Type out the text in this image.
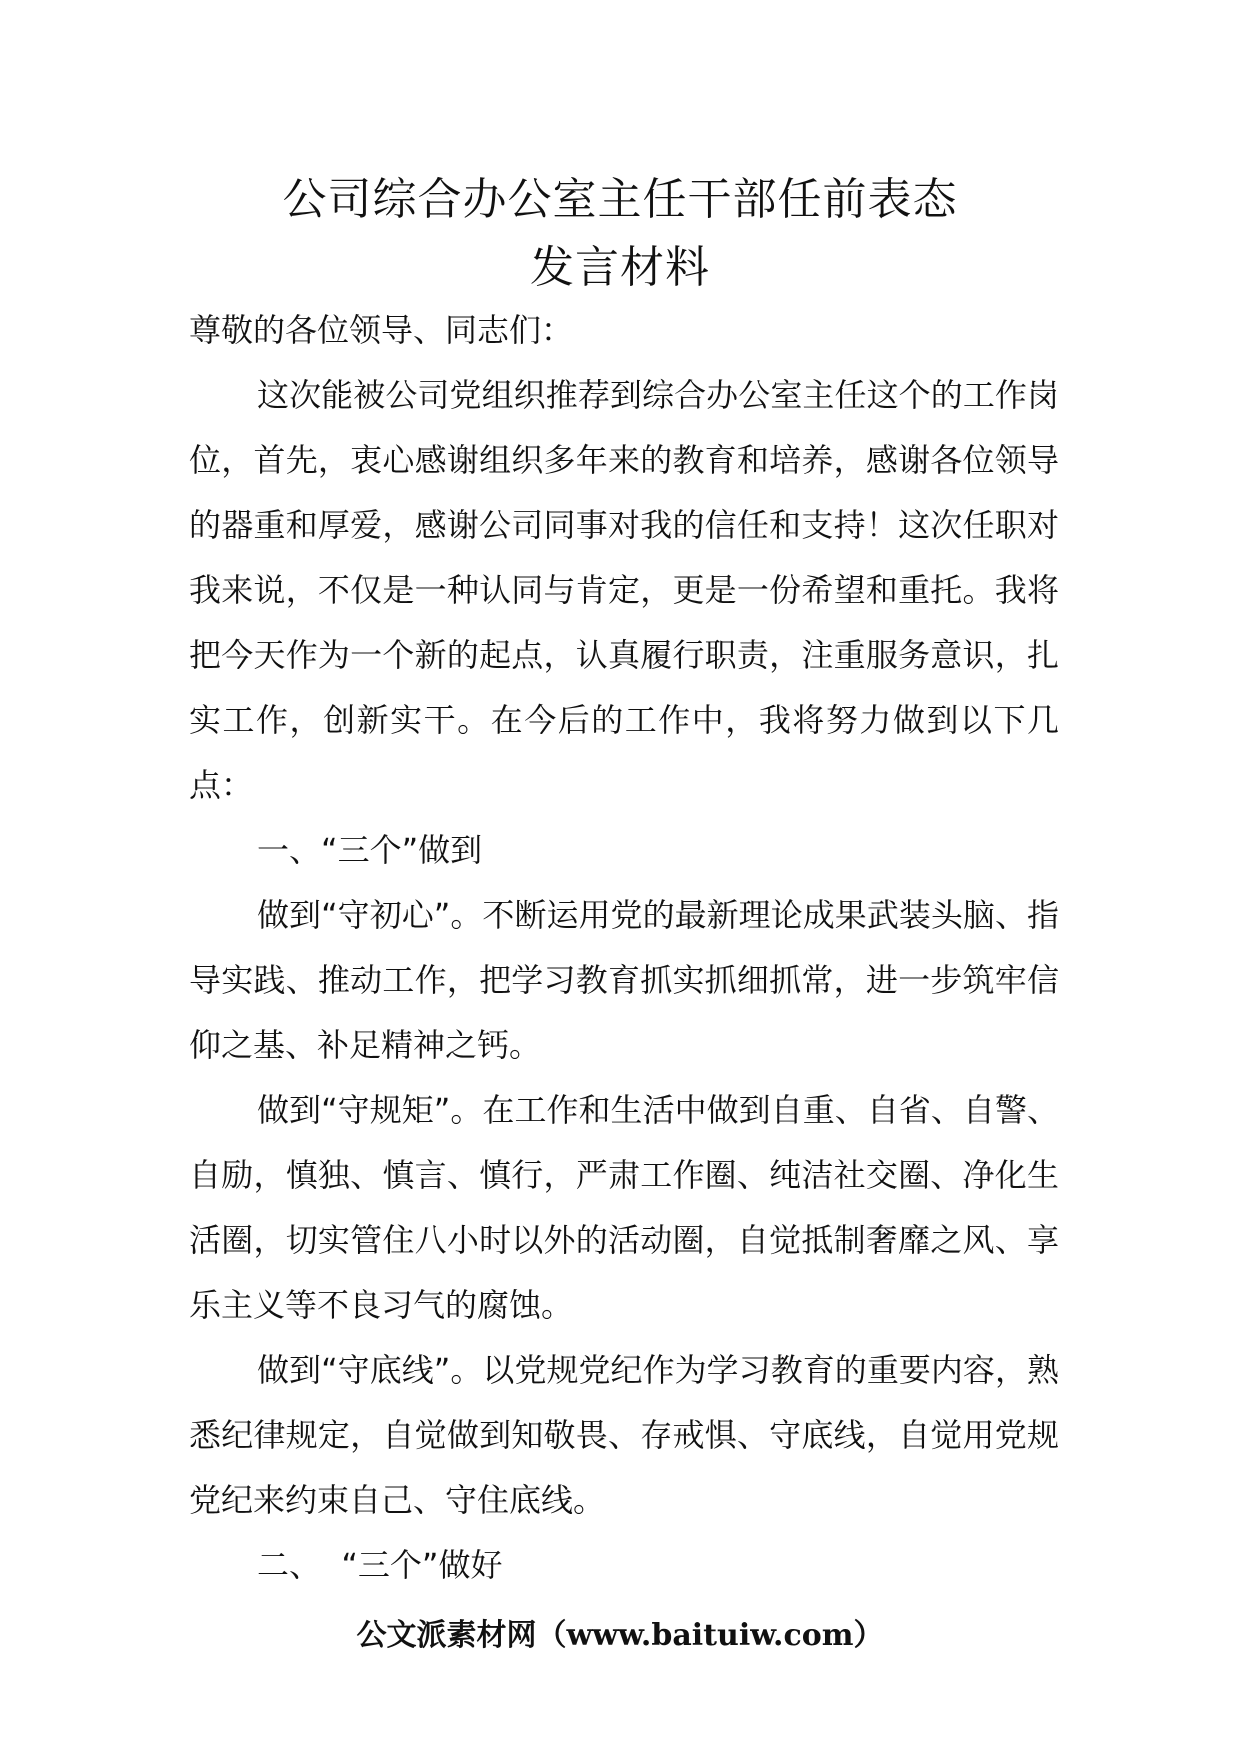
公司综合办公室主任干部任前表态
发言材料

尊敬的各位领导、同志们：

这次能被公司党组织推荐到综合办公室主任这个的工作岗位，首先，衷心感谢组织多年来的教育和培养，感谢各位领导的器重和厚爱，感谢公司同事对我的信任和支持！这次任职对我来说，不仅是一种认同与肯定，更是一份希望和重托。我将把今天作为一个新的起点，认真履行职责，注重服务意识，扎实工作，创新实干。在今后的工作中，我将努力做到以下几点：

一、“三个”做到

做到“守初心”。不断运用党的最新理论成果武装头脑、指导实践、推动工作，把学习教育抓实抓细抓常，进一步筑牢信仰之基、补足精神之钙。

做到“守规矩”。在工作和生活中做到自重、自省、自警、自励，慎独、慎言、慎行，严肃工作圈、纯洁社交圈、净化生活圈，切实管住八小时以外的活动圈，自觉抵制奢靡之风、享乐主义等不良习气的腐蚀。

做到“守底线”。以党规党纪作为学习教育的重要内容，熟悉纪律规定，自觉做到知敬畏、存戒惧、守底线，自觉用党规党纪来约束自己、守住底线。

二、  “三个”做好

公文派素材网（www.baituiw.com）
